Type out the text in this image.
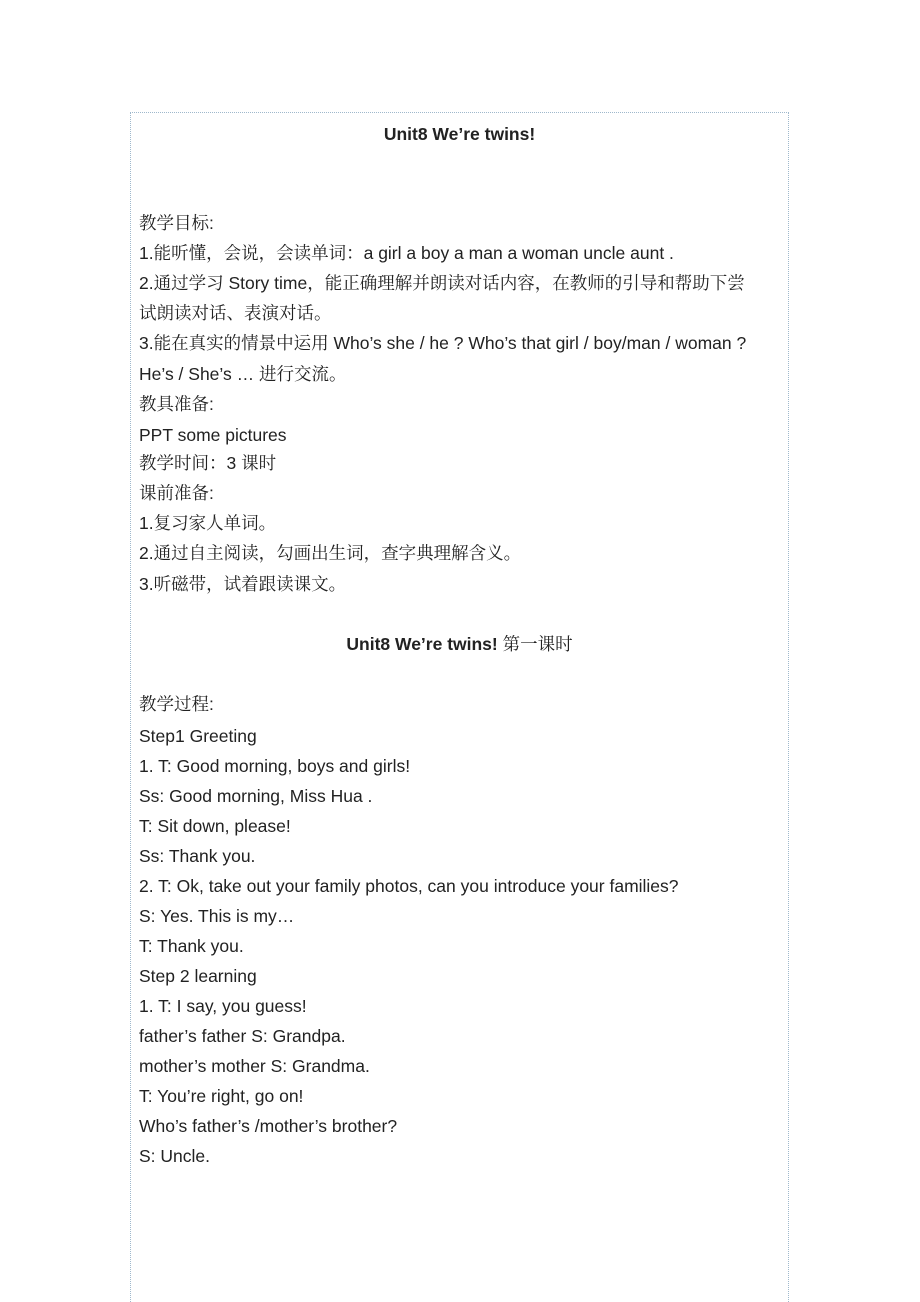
Unit8 We’re twins!
教学目标:
1.能听懂，会说，会读单词：a girl a boy a man a woman uncle aunt .
2.通过学习 Story time，能正确理解并朗读对话内容，在教师的引导和帮助下尝
试朗读对话、表演对话。
3.能在真实的情景中运用 Who’s she / he ? Who’s that girl / boy/man / woman ?
He’s / She’s … 进行交流。
教具准备:
PPT some pictures
教学时间：3 课时
课前准备:
1.复习家人单词。
2.通过自主阅读，勾画出生词，查字典理解含义。
3.听磁带，试着跟读课文。
Unit8 We’re twins! 第一课时
教学过程:
Step1 Greeting
1. T: Good morning, boys and girls!
Ss: Good morning, Miss Hua .
T: Sit down, please!
Ss: Thank you.
2. T: Ok, take out your family photos, can you introduce your families?
S: Yes. This is my…
T: Thank you.
Step 2 learning
1. T: I say, you guess!
father’s father S: Grandpa.
mother’s mother S: Grandma.
T: You’re right, go on!
Who’s father’s /mother’s brother?
S: Uncle.
